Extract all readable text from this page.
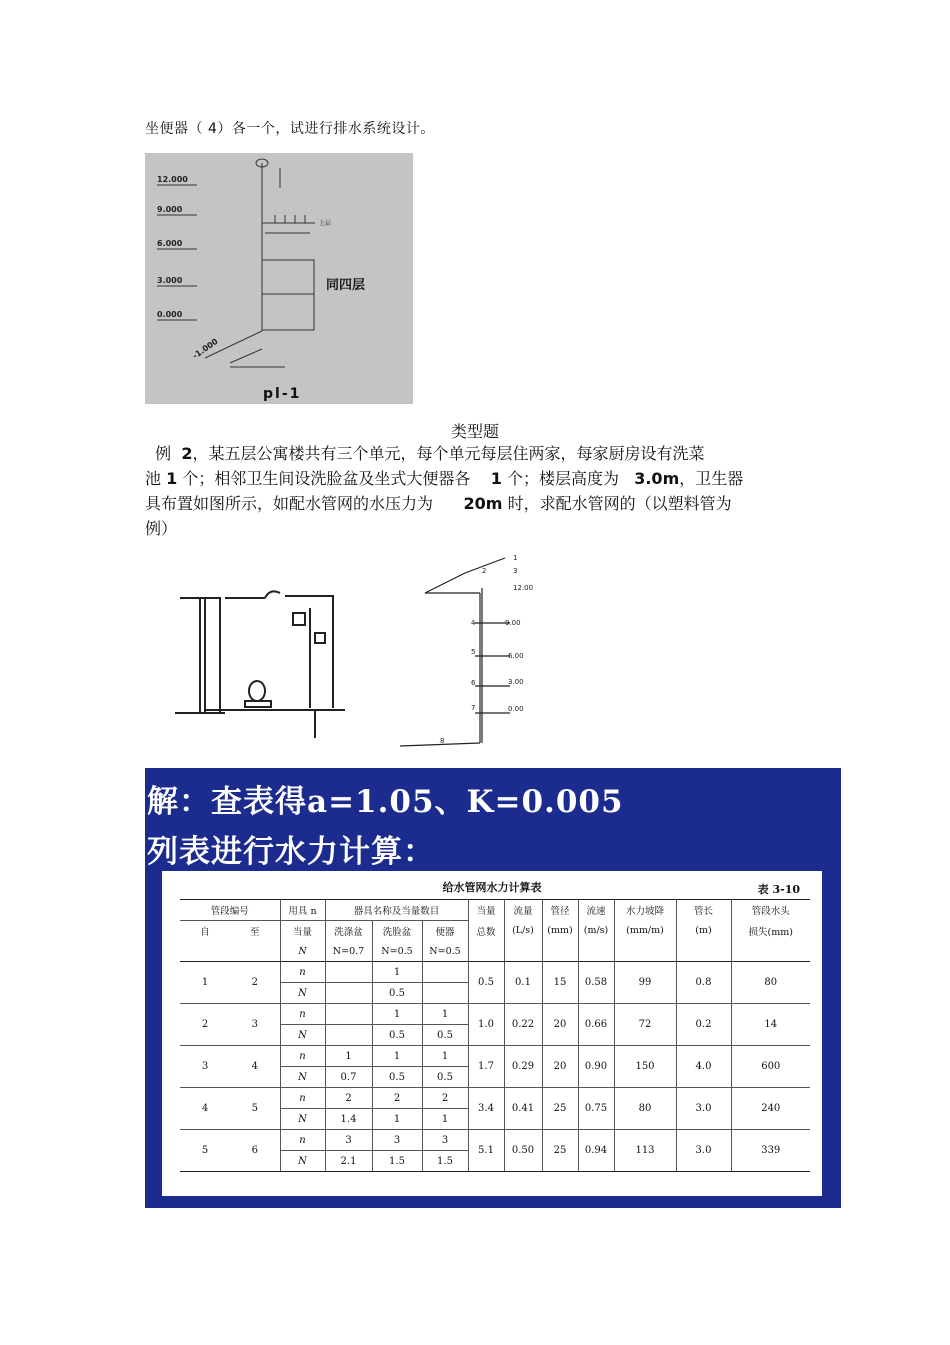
坐便器（ 4）各一个，试进行排水系统设计。
12.000
9.000
6.000
3.000
0.000
-1.000
上层
同四层
pl-1
类型题

例 2，某五层公寓楼共有三个单元，每个单元每层住两家，每家厨房设有洗菜

池 1 个；相邻卫生间设洗脸盆及坐式大便器各 1 个；楼层高度为 3.0m，卫生器

具布置如图所示，如配水管网的水压力为 20m 时，求配水管网的（以塑料管为

例）

12.00
9.00
6.00
3.00
0.00
1
2	3
4
5
6
7
8
解：查表得a=1.05、K=0.005
列表进行水力计算：
给水管网水力计算表	表 3-10
管段编号		用具 n	器具名称及当量数目			当量	流量	管径	流速	水力坡降	管长	管段水头
自	至	当量	洗涤盆	洗脸盆	便器	总数	(L/s)	(mm)	(m/s)	(mm/m)	(m)	损失(mm)
		N	N=0.7	N=0.5	N=0.5							
1	2	n		1		0.5	0.1	15	0.58	99	0.8	80
		N		0.5								
2	3	n		1	1	1.0	0.22	20	0.66	72	0.2	14
		N		0.5	0.5							
3	4	n	1	1	1	1.7	0.29	20	0.90	150	4.0	600
		N	0.7	0.5	0.5							
4	5	n	2	2	2	3.4	0.41	25	0.75	80	3.0	240
		N	1.4	1	1							
5	6	n	3	3	3	5.1	0.50	25	0.94	113	3.0	339
		N	2.1	1.5	1.5							
